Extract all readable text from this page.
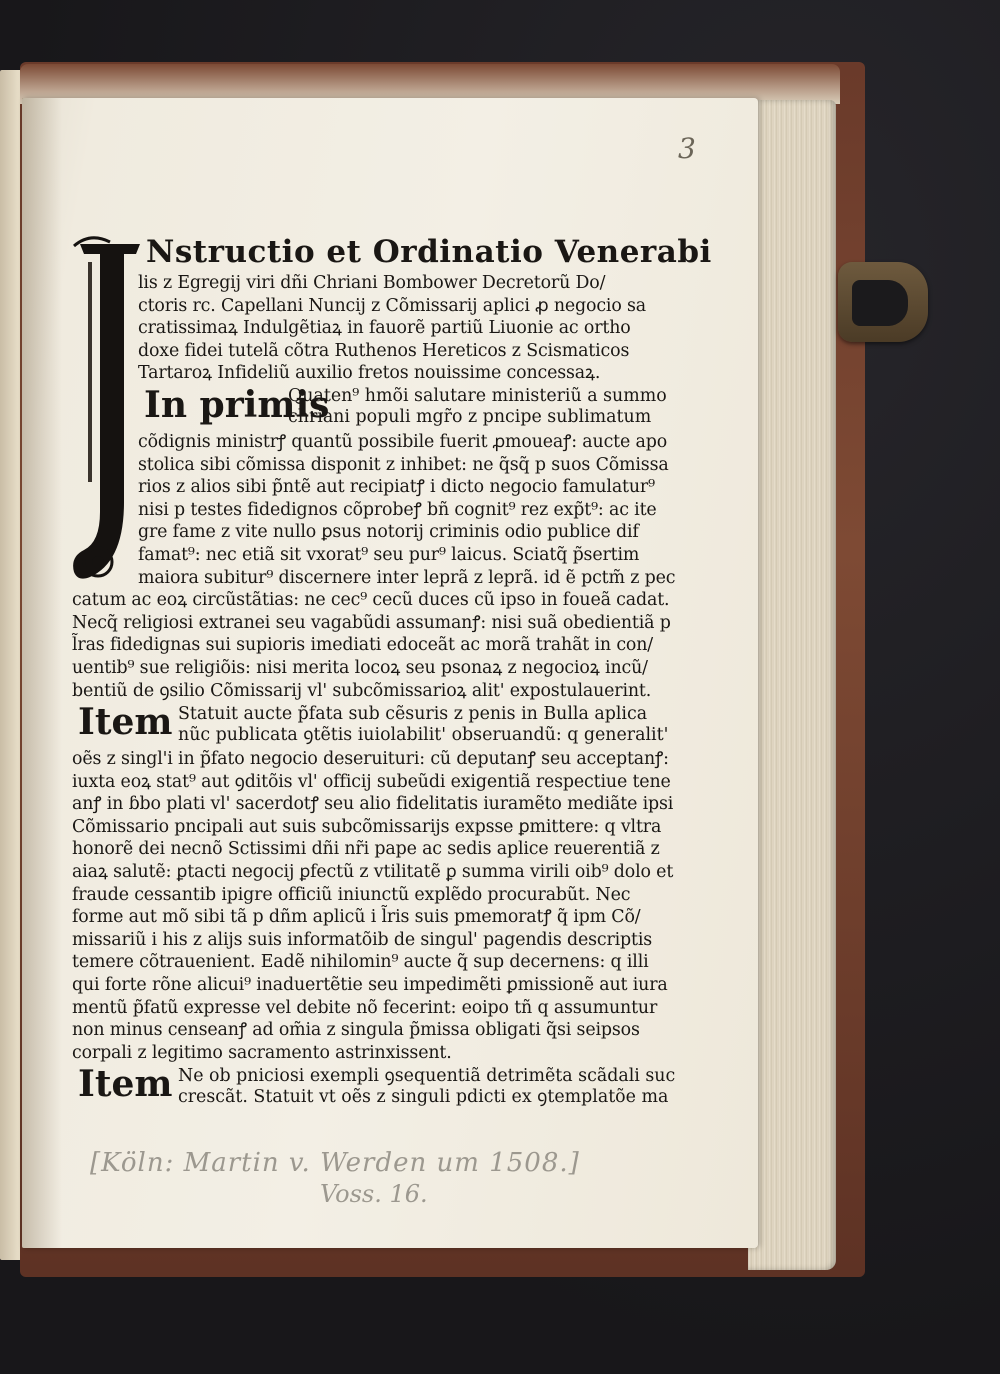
3
Nstructio et Ordinatio Venerabi
lis z Egregij viri dñi Chriani Bombower Decretorũ Do/
ctoris rc. Capellani Nuncij z Cõmissarij aplici ꝓ negocio sa
cratissimaꝝ Indulgẽtiaꝝ in fauorẽ partiũ Liuonie ac ortho
doxe fidei tutelã cõtra Ruthenos Hereticos z Scismaticos
Tartaroꝝ Infideliũ auxilio fretos nouissime concessaꝝ.
In primis
Quaten⁹ hmõi salutare ministeriũ a summo
chriani populi mgr̃o z pncipe sublimatum
cõdignis ministrꝭ quantũ possibile fuerit ꝓmoueaꝭ: aucte apo
stolica sibi cõmissa disponit z inhibet: ne q̃sq̃ p suos Cõmissa
rios z alios sibi p̃ntẽ aut recipiatꝭ i dicto negocio famulatur⁹
nisi p testes fidedignos cõprobeꝭ bñ cognit⁹ rez exp̃t⁹: ac ite
gre fame z vite nullo ꝑsus notorij criminis odio publice dif
famat⁹: nec etiã sit vxorat⁹ seu pur⁹ laicus. Sciatq̃ p̃sertim
maiora subitur⁹ discernere inter leprã z leprã. id ẽ pctm̃ z pec
catum ac eoꝝ circũstãtias: ne cec⁹ cecũ duces cũ ipso in foueã cadat.
Necq̃ religiosi extranei seu vagabũdi assumanꝭ: nisi suã obedientiã p
l̃ras fidedignas sui supioris imediati edoceãt ac morã trahãt in con/
uentib⁹ sue religiõis: nisi merita locoꝝ seu psonaꝝ z negocioꝝ incũ/
bentiũ de ꝯsilio Cõmissarij vl' subcõmissarioꝝ alit' expostulauerint.
Item Statuit aucte p̃fata sub cẽsuris z penis in Bulla aplica
nũc publicata ꝯtẽtis iuiolabilit' obseruandũ: q generalit'
oẽs z singl'i in p̃fato negocio deseruituri: cũ deputanꝭ seu acceptanꝭ:
iuxta eoꝝ stat⁹ aut ꝯditõis vl' officij subeũdi exigentiã respectiue tene
anꝭ in ɓbo plati vl' sacerdotꝭ seu alio fidelitatis iuramẽto mediãte ipsi
Cõmissario pncipali aut suis subcõmissarijs expsse ꝑmittere: q vltra
honorẽ dei necnõ Sctissimi dñi nr̃i pape ac sedis aplice reuerentiã z
aiaꝝ salutẽ: ꝑtacti negocij ꝑfectũ z vtilitatẽ ꝑ summa virili oib⁹ dolo et
fraude cessantib ipigre officiũ iniunctũ explẽdo procurabũt. Nec
forme aut mõ sibi tã p dñm aplicũ i l̃ris suis pmemoratꝭ q̃ ipm Cõ/
missariũ i his z alijs suis informatõib de singul' pagendis descriptis
temere cõtrauenient. Eadẽ nihilomin⁹ aucte q̃ sup decernens: q illi
qui forte rõne alicui⁹ inaduertẽtie seu impedimẽti ꝑmissionẽ aut iura
mentũ p̃fatũ expresse vel debite nõ fecerint: eoipo tñ q assumuntur
non minus censeanꝭ ad om̃ia z singula p̃missa obligati q̃si seipsos
corpali z legitimo sacramento astrinxissent.
Item Ne ob pniciosi exempli ꝯsequentiã detrimẽta scãdali suc
crescãt. Statuit vt oẽs z singuli pdicti ex ꝯtemplatõe ma
[Köln: Martin v. Werden um 1508.]
Voss. 16.
